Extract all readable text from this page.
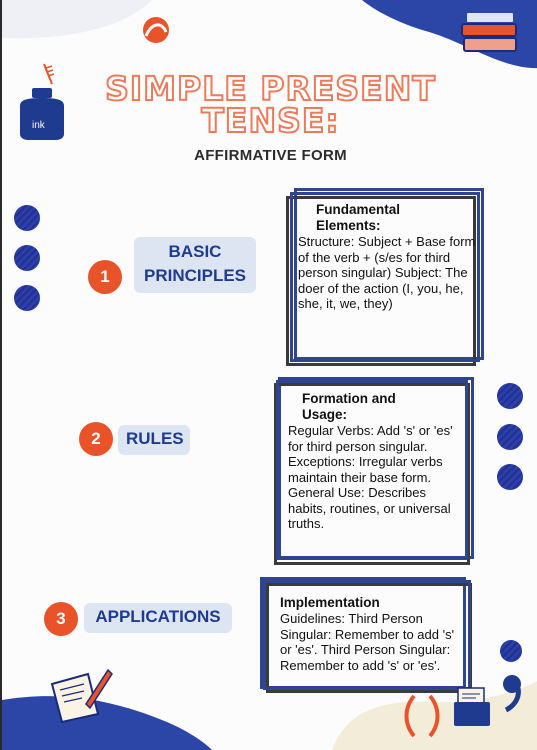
ink
SIMPLE PRESENT
TENSE:
AFFIRMATIVE FORM
1
BASIC
PRINCIPLES
Fundamental
Elements:
Structure: Subject + Base form of the verb + (s/es for third person singular) Subject: The doer of the action (I, you, he, she, it, we, they)
2	RULES
Formation and
Usage:
Regular Verbs: Add 's' or 'es' for third person singular. Exceptions: Irregular verbs maintain their base form. General Use: Describes habits, routines, or universal truths.
3	APPLICATIONS
Implementation
Guidelines: Third Person Singular: Remember to add 's' or 'es'. Third Person Singular: Remember to add 's' or 'es'.
